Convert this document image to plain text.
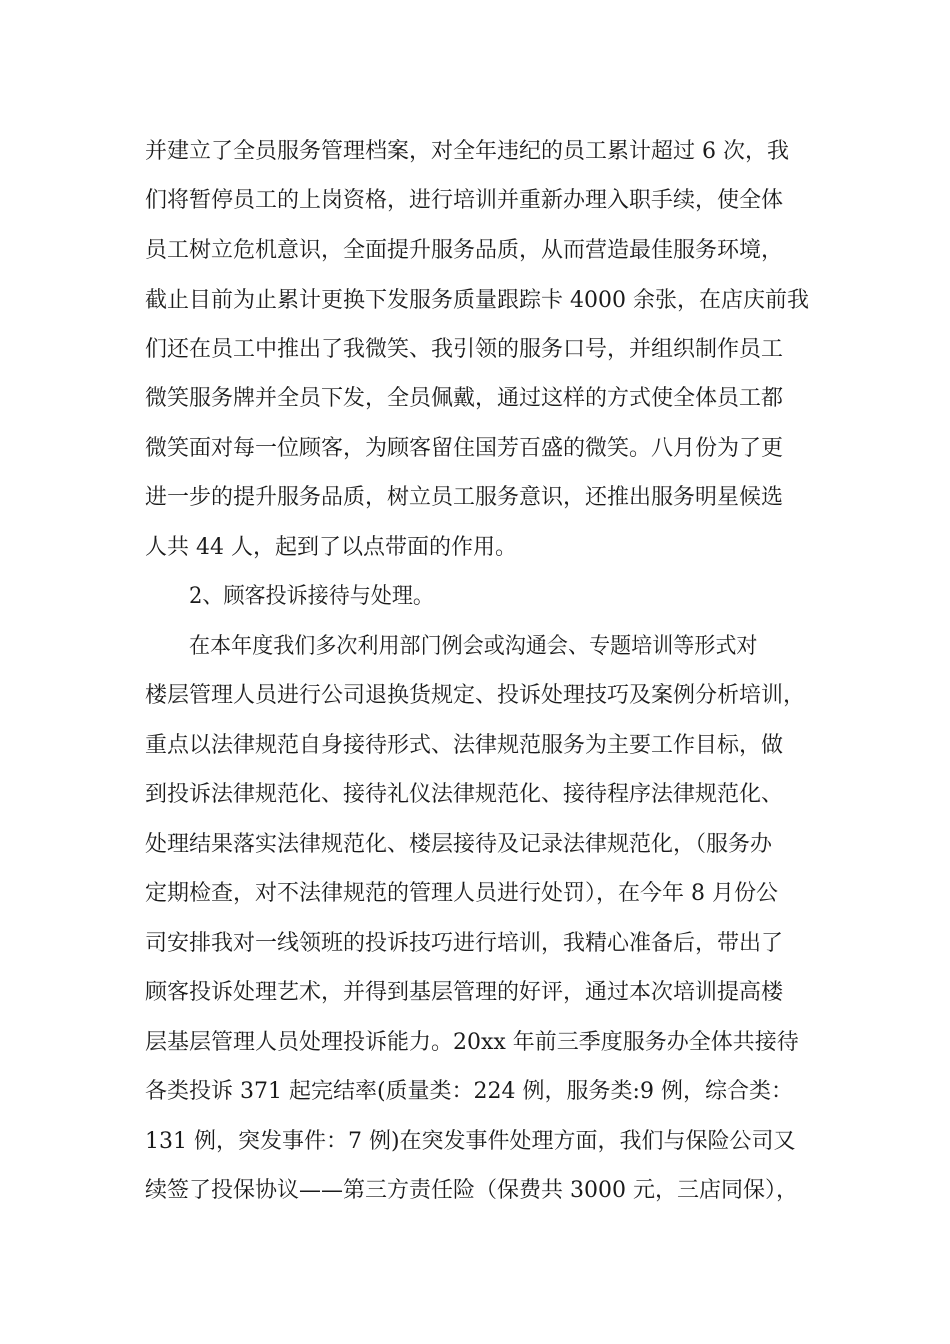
并建立了全员服务管理档案，对全年违纪的员工累计超过 6 次，我
们将暂停员工的上岗资格，进行培训并重新办理入职手续，使全体
员工树立危机意识，全面提升服务品质，从而营造最佳服务环境，
截止目前为止累计更换下发服务质量跟踪卡 4000 余张，在店庆前我
们还在员工中推出了我微笑、我引领的服务口号，并组织制作员工
微笑服务牌并全员下发，全员佩戴，通过这样的方式使全体员工都
微笑面对每一位顾客，为顾客留住国芳百盛的微笑。八月份为了更
进一步的提升服务品质，树立员工服务意识，还推出服务明星候选
人共 44 人，起到了以点带面的作用。
2、顾客投诉接待与处理。
在本年度我们多次利用部门例会或沟通会、专题培训等形式对
楼层管理人员进行公司退换货规定、投诉处理技巧及案例分析培训，
重点以法律规范自身接待形式、法律规范服务为主要工作目标，做
到投诉法律规范化、接待礼仪法律规范化、接待程序法律规范化、
处理结果落实法律规范化、楼层接待及记录法律规范化，（服务办
定期检查，对不法律规范的管理人员进行处罚），在今年 8 月份公
司安排我对一线领班的投诉技巧进行培训，我精心准备后，带出了
顾客投诉处理艺术，并得到基层管理的好评，通过本次培训提高楼
层基层管理人员处理投诉能力。20xx 年前三季度服务办全体共接待
各类投诉 371 起完结率(质量类：224 例，服务类:9 例，综合类：
131 例，突发事件：7 例)在突发事件处理方面，我们与保险公司又
续签了投保协议——第三方责任险（保费共 3000 元，三店同保），
